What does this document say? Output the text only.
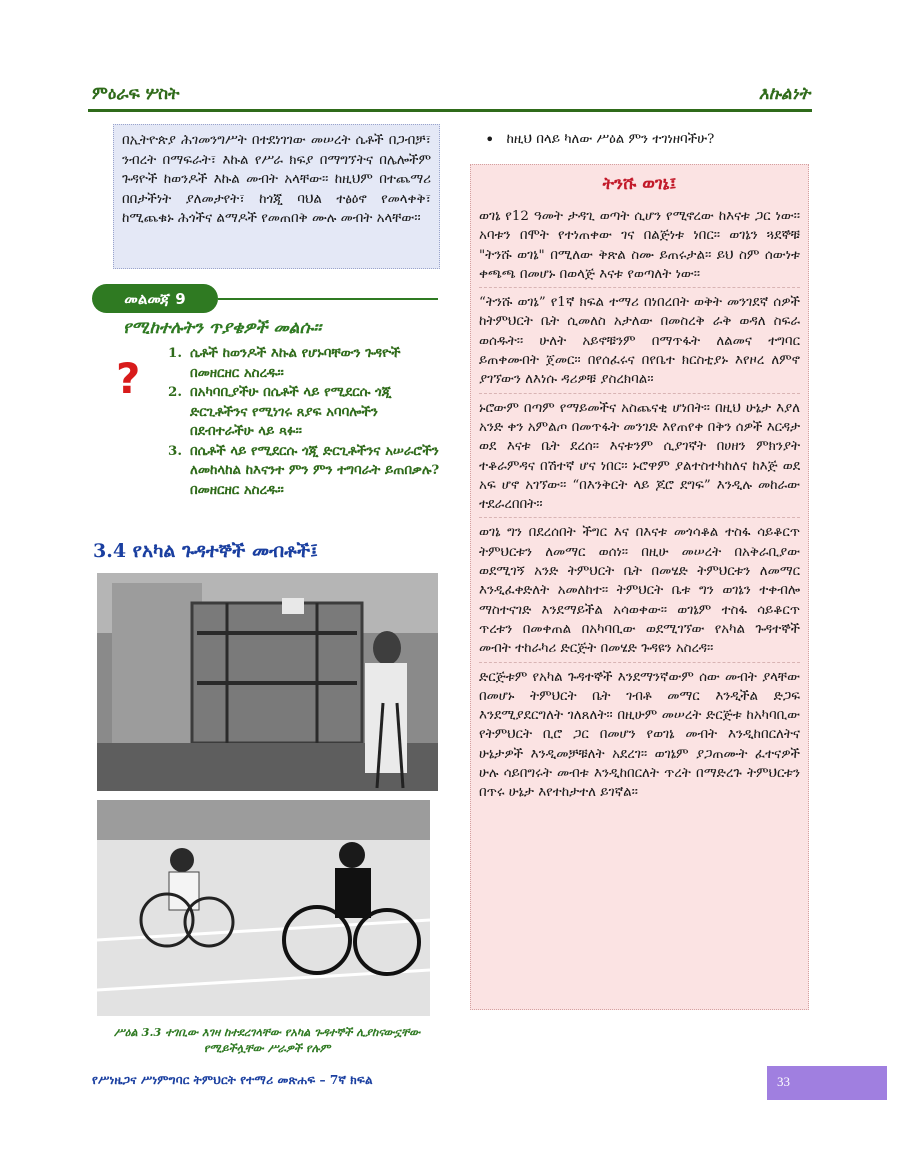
ምዕራፍ ሦስት	እኩልነት
በኢትዮጵያ ሕገመንግሥት በተደነገገው መሠረት ሴቶች በጋብቻ፣ ንብረት በማፍራት፣ እኩል የሥራ ክፍያ በማግኘትና በሌሎችም ጉዳዮች ከወንዶች እኩል መብት አላቸው፡፡ ከዚህም በተጨማሪ በበታችነት ያለመታየት፣ ከጎጂ ባህል ተፅዕኖ የመላቀቅ፣ ከሚጨቁኑ ሕጎችና ልማዶች የመጠበቅ ሙሉ መብት አላቸው፡፡
መልመጃ 9
የሚከተሉትን ጥያቄዎች መልሱ፡፡
?
1. ሴቶች ከወንዶች እኩል የሆኑባቸውን ጉዳዮች በመዘርዘር አስረዱ፡፡
2. በአካባቢያችሁ በሴቶች ላይ የሚደርሱ ጎጂ ድርጊቶችንና የሚነገሩ ጸያፍ አባባሎችን በደብተራችሁ ላይ ጻፉ፡፡
3. በሴቶች ላይ የሚደርሱ ጎጂ ድርጊቶችንና አሠራሮችን ለመከላከል ከእናንተ ምን ምን ተግባራት ይጠበቃሉ? በመዘርዘር አስረዱ፡፡
3.4 የአካል ጉዳተኞች መብቶች፤
ሥዕል 3.3 ተገቢው እገዛ ከተደረገላቸው የአካል ጉዳተኞች ሊያከናውኗቸው የሚይችሏቸው ሥራዎች የሉም
• ከዚህ በላይ ካለው ሥዕል ምን ተገነዘባችሁ?
ትንሹ ወገኔ፤

ወገኔ የ12 ዓመት ታዳጊ ወጣት ሲሆን የሚኖረው ከእናቱ ጋር ነው፡፡ አባቱን በሞት የተነጠቀው ገና በልጅነቱ ነበር፡፡ ወገኔን ጓደኞቹ "ትንሹ ወገኔ" በሚለው ቅጽል ስሙ ይጠሩታል፡፡ ይህ ስም ሰውነቱ ቀጫጫ በመሆኑ በወላጅ እናቱ የወጣለት ነው፡፡

“ትንሹ ወገኔ” የ1ኛ ክፍል ተማሪ በነበረበት ወቅት መንገደኛ ሰዎች ከትምህርት ቤት ሲመለስ አታለው በመስረቅ ራቅ ወዳለ ስፍራ ወሰዱት፡፡ ሁለት አይኖቹንም በማጥፋት ለልመና ተግባር ይጠቀሙበት ጀመር፡፡ በየሰፈሩና በየቤተ ክርስቲያኑ እየዞረ ለምኖ ያገኘውን ለእነሱ ዳሪዎቹ ያስረክባል፡፡

ኑሮውም በጣም የማይመችና አስጨናቂ ሆነበት፡፡ በዚህ ሁኔታ እያለ አንድ ቀን አምልጦ በመጥፋት መንገድ እየጠየቀ በቅን ሰዎች እርዳታ ወደ እናቱ ቤት ደረሰ፡፡ እናቱንም ሲያገኛት በሀዘን ምክንያት ተቆራምዳና በሽተኛ ሆና ነበር፡፡ ኑሮዋም ያልተስተካከለና ከእጅ ወደ አፍ ሆኖ አገኘው፡፡ “በእንቅርት ላይ ጆሮ ደግፍ” እንዲሉ መከራው ተደራረበበት፡፡

ወገኔ ግን በደረሰበት ችግር እና በእናቱ መጎሳቆል ተስፋ ሳይቆርጥ ትምህርቱን ለመማር ወሰነ፡፡ በዚሁ መሠረት በአቅራቢያው ወደሚገኝ አንድ ትምህርት ቤት በመሄድ ትምህርቱን ለመማር እንዲፈቀድለት አመለከተ፡፡ ትምህርት ቤቱ ግን ወገኔን ተቀብሎ ማስተናገድ እንደማይችል አሳወቀው፡፡ ወገኔም ተስፋ ሳይቆርጥ ጥረቱን በመቀጠል በአካባቢው ወደሚገኘው የአካል ጉዳተኞች መብት ተከራካሪ ድርጅት በመሄድ ጉዳዩን አስረዳ፡፡

ድርጅቱም የአካል ጉዳተኞች እንደማንኛውም ሰው መብት ያላቸው በመሆኑ ትምህርት ቤት ገብቶ መማር እንዲችል ድጋፍ እንደሚያደርግለት ገለጸለት፡፡ በዚሁም መሠረት ድርጅቱ ከአካባቢው የትምህርት ቢሮ ጋር በመሆን የወገኔ መብት እንዲከበርለትና ሁኔታዎች እንዲመቻቹለት አደረገ፡፡ ወገኔም ያጋጠሙት ፈተናዎች ሁሉ ሳይበግሩት መብቱ እንዲከበርለት ጥረት በማድረጉ ትምህርቱን በጥሩ ሁኔታ እየተከታተለ ይገኛል፡፡

የሥነዜጋና ሥነምግባር ትምህርት የተማሪ መጽሐፍ – 7ኛ ክፍል	33
